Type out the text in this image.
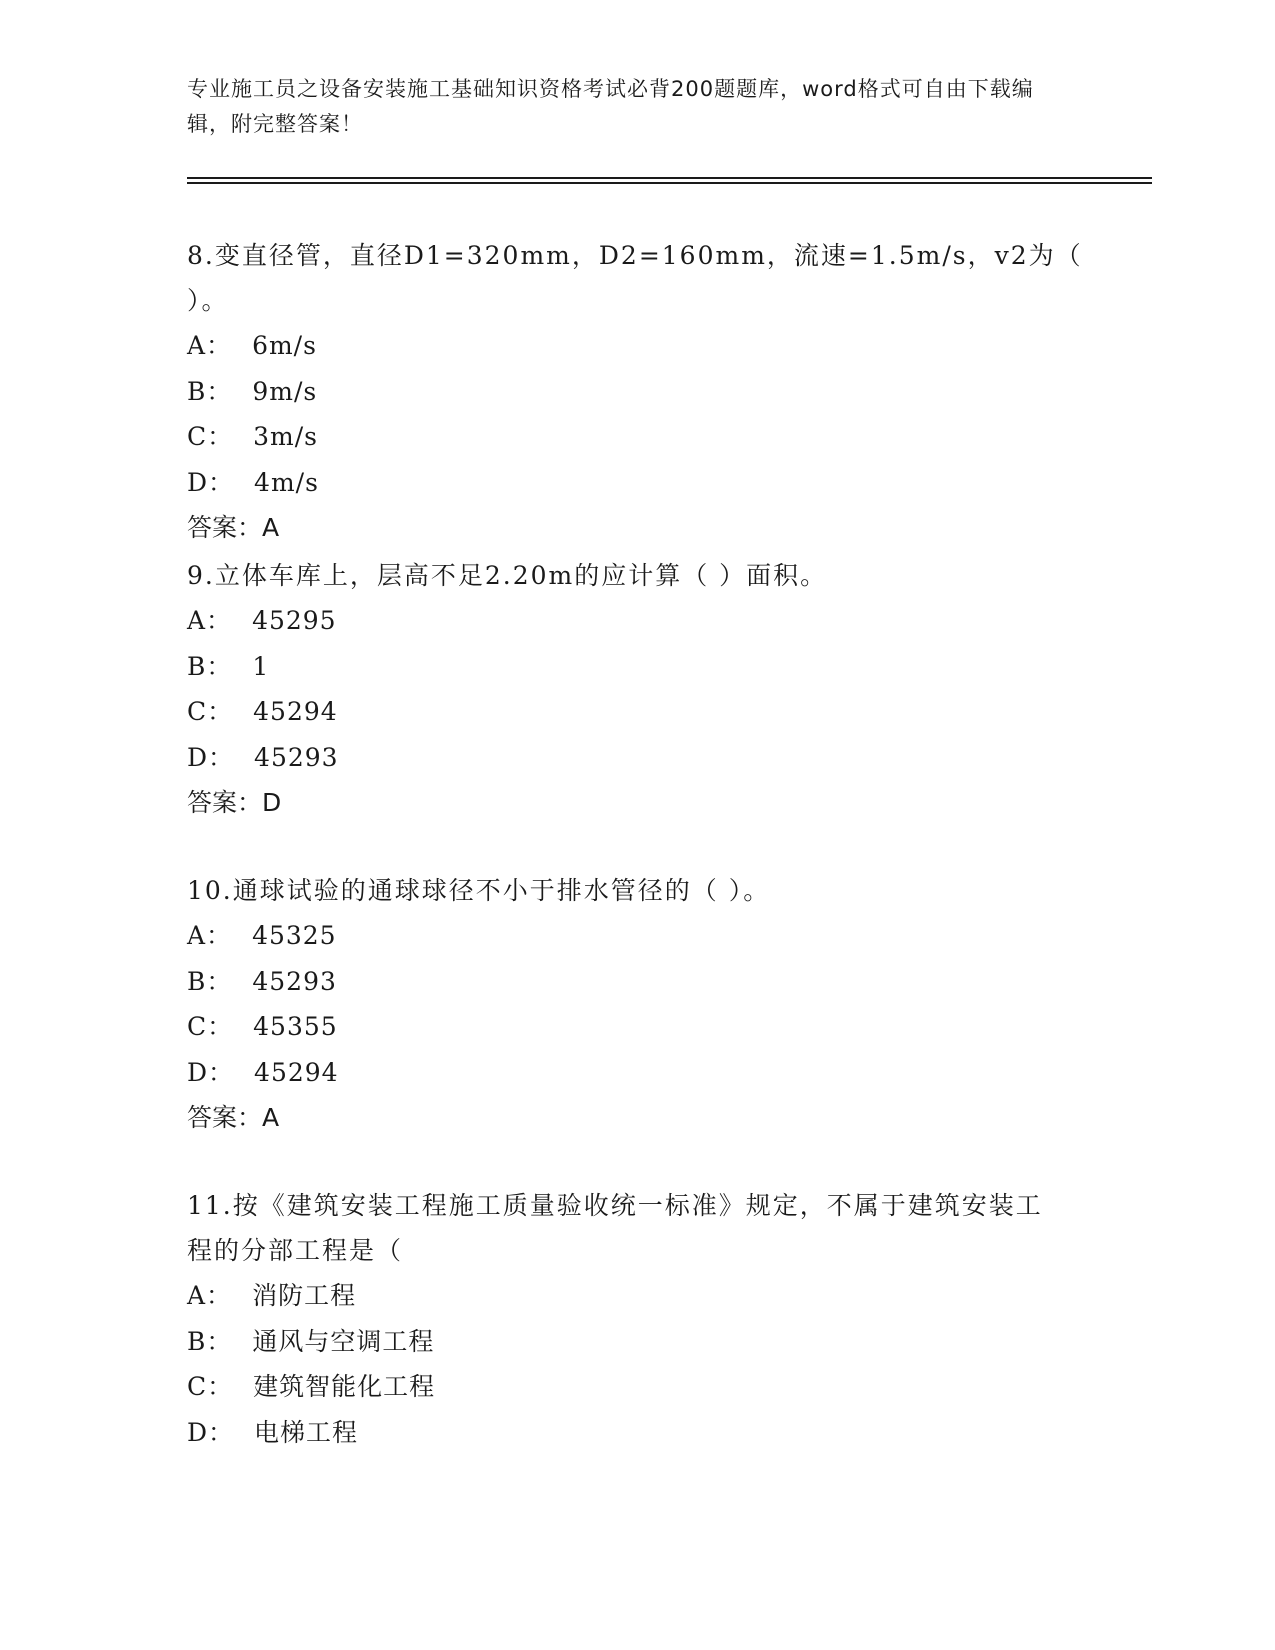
专业施工员之设备安装施工基础知识资格考试必背200题题库，word格式可自由下载编辑，附完整答案！

8.变直径管，直径D1=320mm，D2=160mm，流速=1.5m/s，v2为（ ）。

A： 6m/s

B： 9m/s

C： 3m/s

D： 4m/s

答案：A

9.立体车库上，层高不足2.20m的应计算（ ）面积。

A： 45295

B： 1

C： 45294

D： 45293

答案：D

10.通球试验的通球球径不小于排水管径的（ ）。

A： 45325

B： 45293

C： 45355

D： 45294

答案：A

11.按《建筑安装工程施工质量验收统一标准》规定，不属于建筑安装工程的分部工程是（

A： 消防工程

B： 通风与空调工程

C： 建筑智能化工程

D： 电梯工程
